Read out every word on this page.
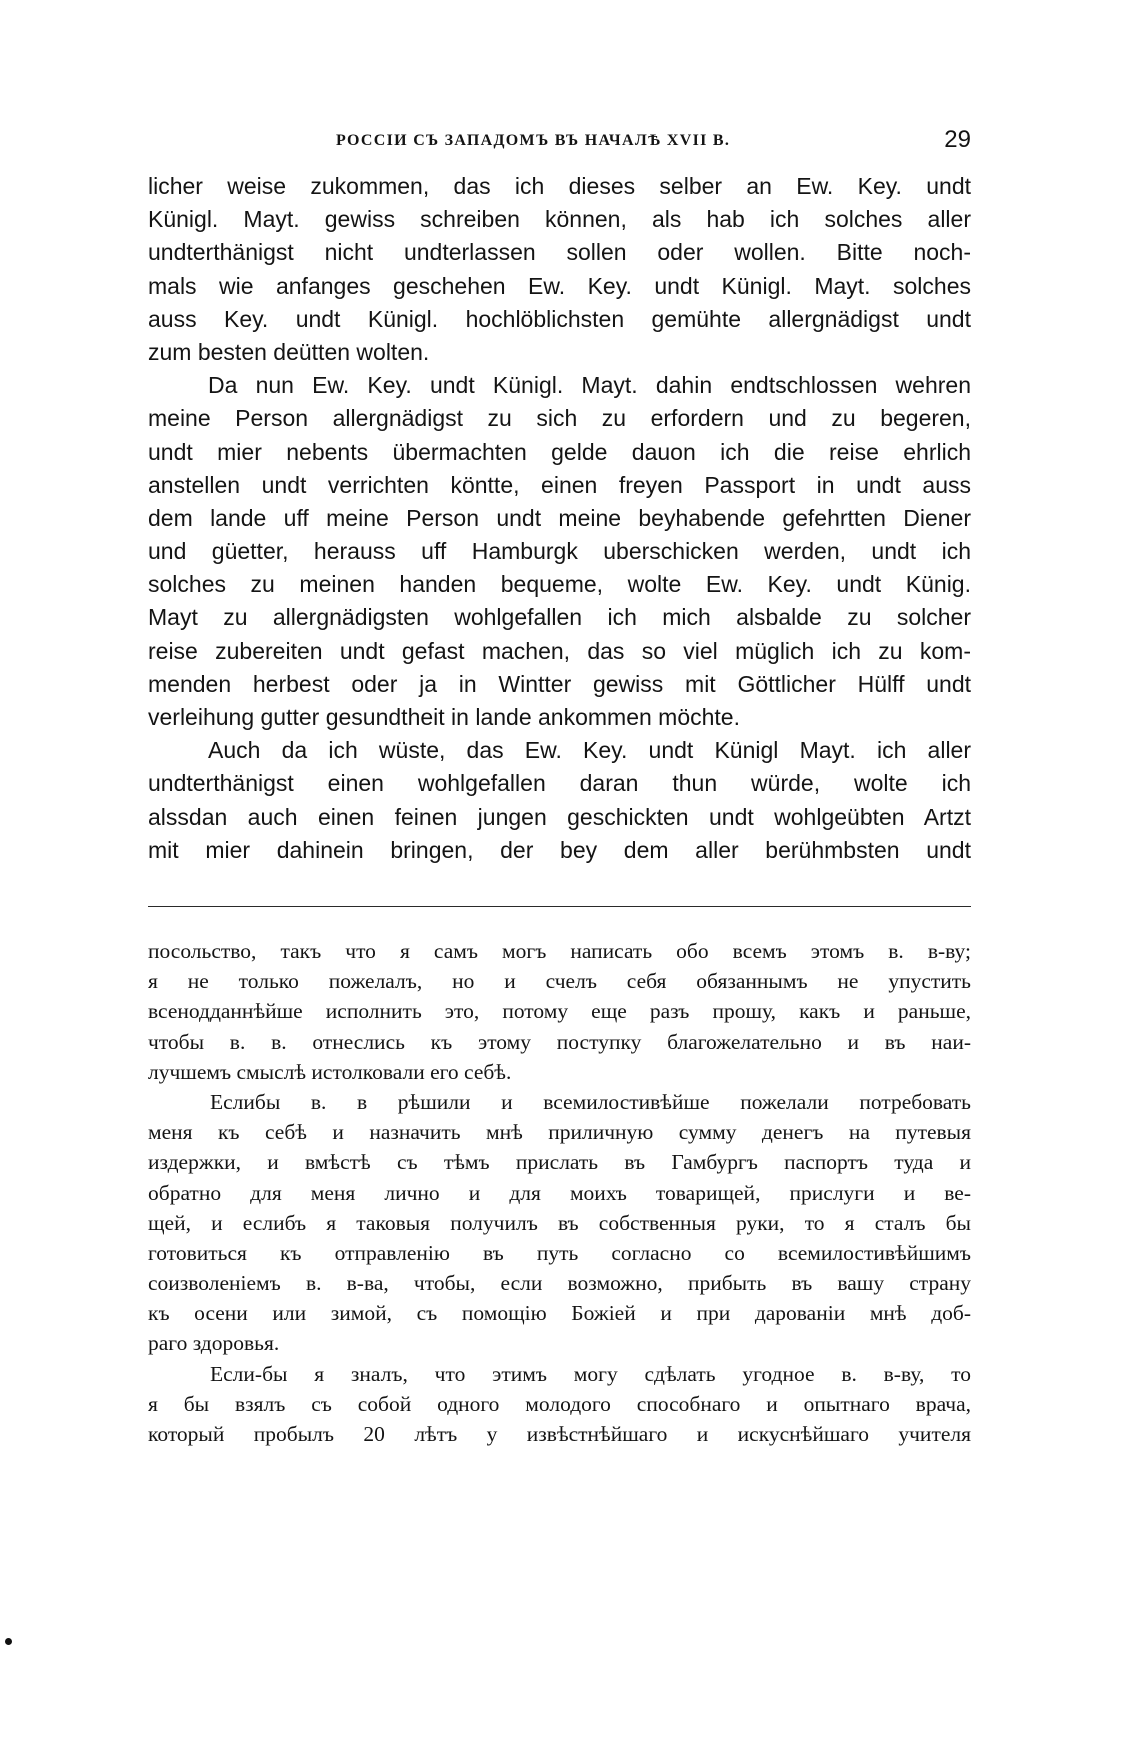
РОССІИ СЪ ЗАПАДОМЪ ВЪ НАЧАЛѢ XVII В.	29
licher weise zukommen, das ich dieses selber an Ew. Key. undt
Künigl. Mayt. gewiss schreiben können, als hab ich solches aller
undterthänigst nicht undterlassen sollen oder wollen. Bitte noch-
mals wie anfanges geschehen Ew. Key. undt Künigl. Mayt. solches
auss Key. undt Künigl. hochlöblichsten gemühte allergnädigst undt
zum besten deütten wolten.
Da nun Ew. Key. undt Künigl. Mayt. dahin endtschlossen wehren
meine Person allergnädigst zu sich zu erfordern und zu begeren,
undt mier nebents übermachten gelde dauon ich die reise ehrlich
anstellen undt verrichten köntte, einen freyen Passport in undt auss
dem lande uff meine Person undt meine beyhabende gefehrtten Diener
und güetter, herauss uff Hamburgk uberschicken werden, undt ich
solches zu meinen handen bequeme, wolte Ew. Key. undt Künig.
Mayt zu allergnädigsten wohlgefallen ich mich alsbalde zu solcher
reise zubereiten undt gefast machen, das so viel müglich ich zu kom-
menden herbest oder ja in Wintter gewiss mit Göttlicher Hülff undt
verleihung gutter gesundtheit in lande ankommen möchte.
Auch da ich wüste, das Ew. Key. undt Künigl Mayt. ich aller
undterthänigst einen wohlgefallen daran thun würde, wolte ich
alssdan auch einen feinen jungen geschickten undt wohlgeübten Artzt
mit mier dahinein bringen, der bey dem aller berühmbsten undt
посольство, такъ что я самъ могъ написать обо всемъ этомъ в. в-ву;
я не только пожелалъ, но и счелъ себя обязаннымъ не упустить
всенодданнѣйше исполнить это, потому еще разъ прошу, какъ и раньше,
чтобы в. в. отнеслись къ этому поступку благожелательно и въ наи-
лучшемъ смыслѣ истолковали его себѣ.
Еслибы в. в рѣшили и всемилостивѣйше пожелали потребовать
меня къ себѣ и назначить мнѣ приличную сумму денегъ на путевыя
издержки, и вмѣстѣ съ тѣмъ прислать въ Гамбургъ паспортъ туда и
обратно для меня лично и для моихъ товарищей, прислуги и ве-
щей, и еслибъ я таковыя получилъ въ собственныя руки, то я сталъ бы
готовиться къ отправленію въ путь согласно со всемилостивѣйшимъ
соизволеніемъ в. в-ва, чтобы, если возможно, прибыть въ вашу страну
къ осени или зимой, съ помощію Божіей и при дарованіи мнѣ доб-
раго здоровья.
Если-бы я зналъ, что этимъ могу сдѣлать угодное в. в-ву, то
я бы взялъ съ собой одного молодого способнаго и опытнаго врача,
который пробылъ 20 лѣтъ у извѣстнѣйшаго и искуснѣйшаго учителя
